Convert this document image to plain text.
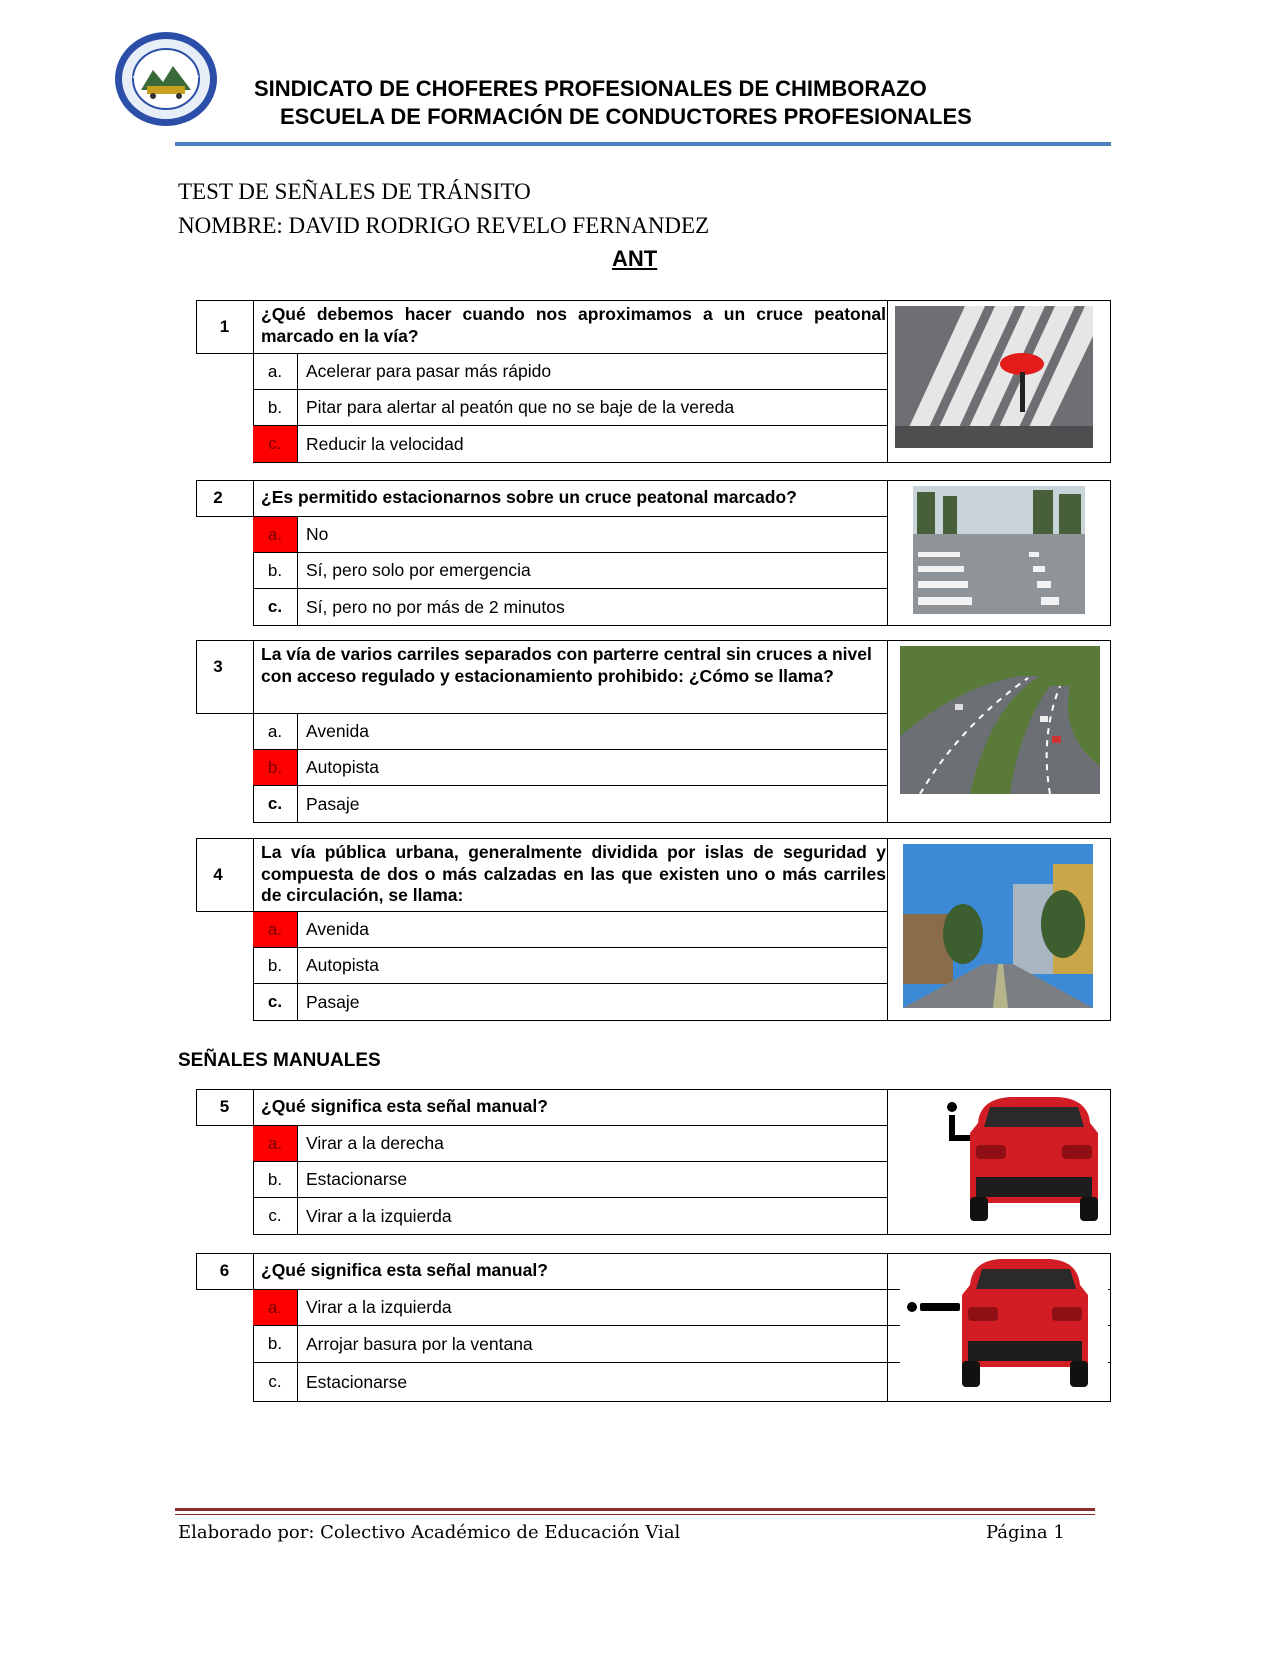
SINDICATO DE CHOFERES PROFESIONALES DE CHIMBORAZO
ESCUELA DE FORMACIÓN DE CONDUCTORES PROFESIONALES
TEST DE SEÑALES DE TRÁNSITO
NOMBRE: DAVID RODRIGO REVELO FERNANDEZ
ANT
1
¿Qué debemos hacer cuando nos aproximamos a un cruce peatonal marcado en la vía?
a.	Acelerar para pasar más rápido
b.	Pitar para alertar al peatón que no se baje de la vereda
c.	Reducir la velocidad
2	¿Es permitido estacionarnos sobre un cruce peatonal marcado?
a.	No
b.	Sí, pero solo por emergencia
c.	Sí, pero no por más de 2 minutos
3
La vía de varios carriles separados con parterre central sin cruces a nivel con acceso regulado y estacionamiento prohibido: ¿Cómo se llama?
a.	Avenida
b.	Autopista
c.	Pasaje
4
La vía pública urbana, generalmente dividida por islas de seguridad y compuesta de dos o más calzadas en las que existen uno o más carriles de circulación, se llama:
a.	Avenida
b.	Autopista
c.	Pasaje
SEÑALES MANUALES
5	¿Qué significa esta señal manual?
a.	Virar a la derecha
b.	Estacionarse
c.	Virar a la izquierda
6	¿Qué significa esta señal manual?
a.	Virar a la izquierda
b.	Arrojar basura por la ventana
c.	Estacionarse
Elaborado por: Colectivo Académico de Educación Vial	Página 1
